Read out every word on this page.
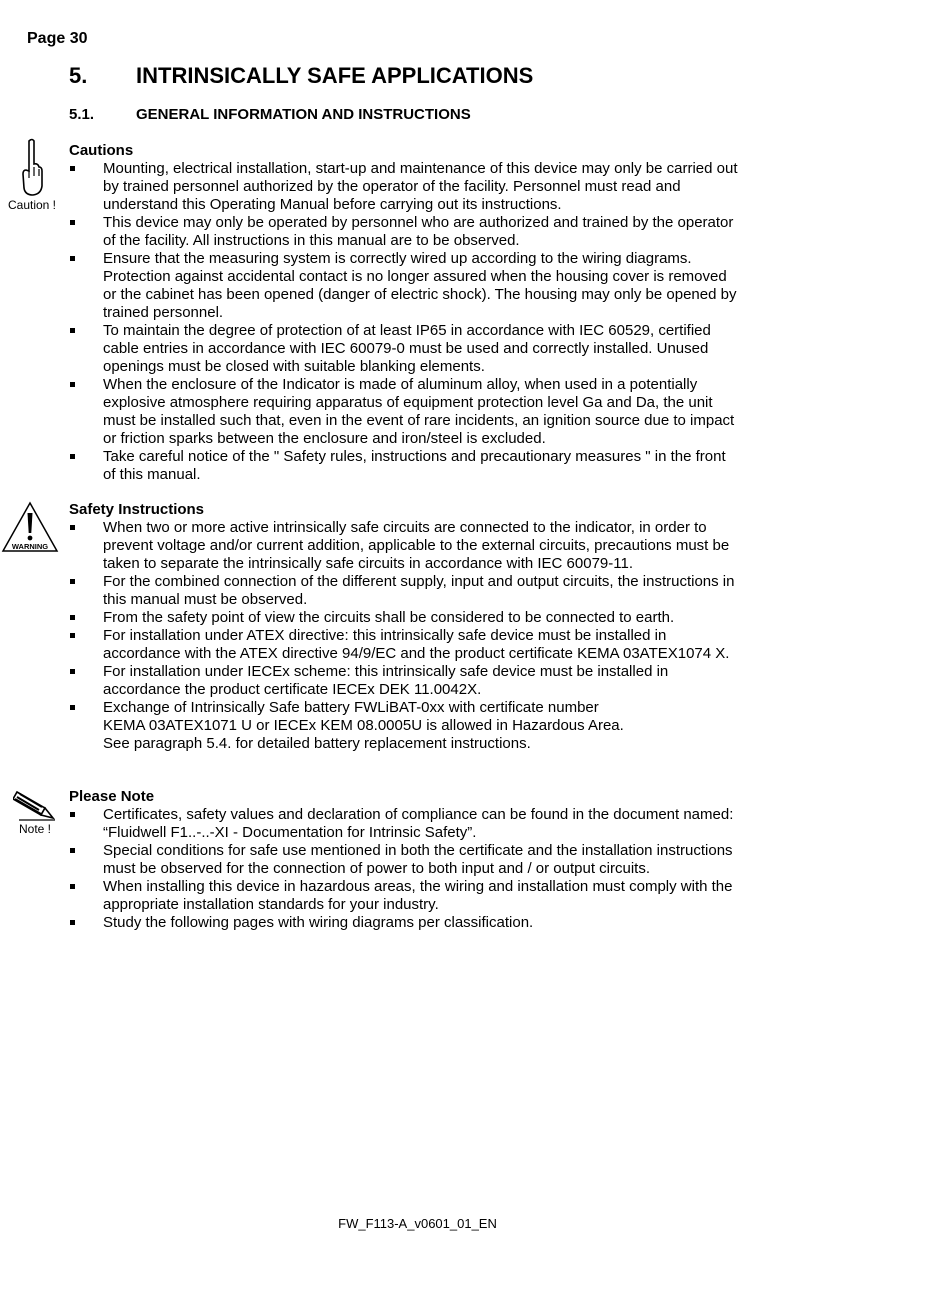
Page 30
5. INTRINSICALLY SAFE APPLICATIONS
5.1.	GENERAL INFORMATION AND INSTRUCTIONS
Caution !
Cautions
Mounting, electrical installation, start-up and maintenance of this device may only be carried out
by trained personnel authorized by the operator of the facility. Personnel must read and
understand this Operating Manual before carrying out its instructions.
This device may only be operated by personnel who are authorized and trained by the operator
of the facility. All instructions in this manual are to be observed.
Ensure that the measuring system is correctly wired up according to the wiring diagrams.
Protection against accidental contact is no longer assured when the housing cover is removed
or the cabinet has been opened (danger of electric shock). The housing may only be opened by
trained personnel.
To maintain the degree of protection of at least IP65 in accordance with IEC 60529, certified
cable entries in accordance with IEC 60079-0 must be used and correctly installed. Unused
openings must be closed with suitable blanking elements.
When the enclosure of the Indicator is made of aluminum alloy, when used in a potentially
explosive atmosphere requiring apparatus of equipment protection level Ga and Da, the unit
must be installed such that, even in the event of rare incidents, an ignition source due to impact
or friction sparks between the enclosure and iron/steel is excluded.
Take careful notice of the " Safety rules, instructions and precautionary measures " in the front
of this manual.
WARNING
Safety Instructions
When two or more active intrinsically safe circuits are connected to the indicator, in order to
prevent voltage and/or current addition, applicable to the external circuits, precautions must be
taken to separate the intrinsically safe circuits in accordance with IEC 60079-11.
For the combined connection of the different supply, input and output circuits, the instructions in
this manual must be observed.
From the safety point of view the circuits shall be considered to be connected to earth.
For installation under ATEX directive: this intrinsically safe device must be installed in
accordance with the ATEX directive 94/9/EC and the product certificate KEMA 03ATEX1074 X.
For installation under IECEx scheme: this intrinsically safe device must be installed in
accordance the product certificate IECEx DEK 11.0042X.
Exchange of Intrinsically Safe battery FWLiBAT-0xx with certificate number
KEMA 03ATEX1071 U or IECEx KEM 08.0005U is allowed in Hazardous Area.
See paragraph 5.4. for detailed battery replacement instructions.
Note !
Please Note
Certificates, safety values and declaration of compliance can be found in the document named:
“Fluidwell F1..-..-XI - Documentation for Intrinsic Safety”.
Special conditions for safe use mentioned in both the certificate and the installation instructions
must be observed for the connection of power to both input and / or output circuits.
When installing this device in hazardous areas, the wiring and installation must comply with the
appropriate installation standards for your industry.
Study the following pages with wiring diagrams per classification.
FW_F113-A_v0601_01_EN
